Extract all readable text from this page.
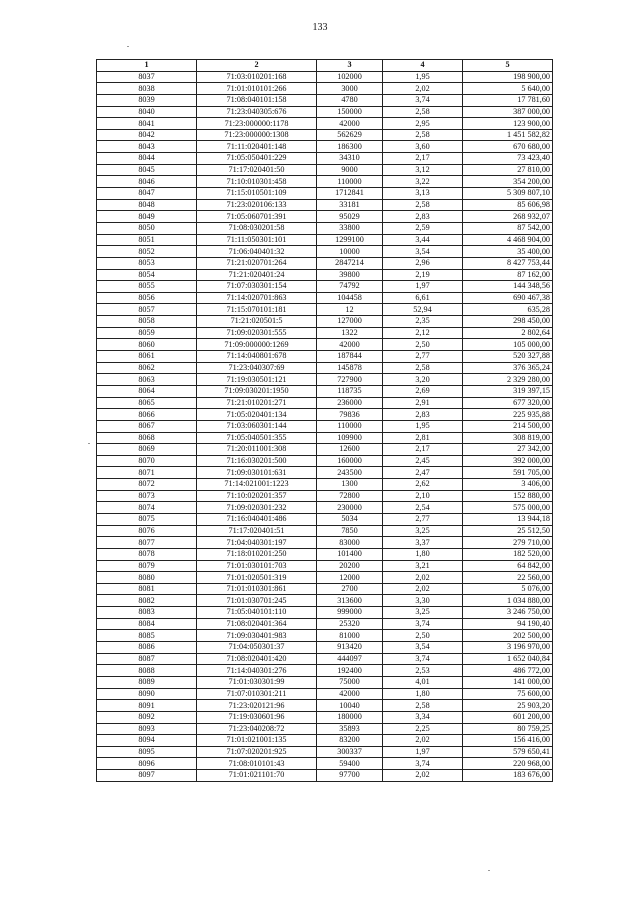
133
1	2	3	4	5
8037	71:03:010201:168	102000	1,95	198 900,00
8038	71:01:010101:266	3000	2,02	5 640,00
8039	71:08:040101:158	4780	3,74	17 781,60
8040	71:23:040305:676	150000	2,58	387 000,00
8041	71:23:000000:1178	42000	2,95	123 900,00
8042	71:23:000000:1308	562629	2,58	1 451 582,82
8043	71:11:020401:148	186300	3,60	670 680,00
8044	71:05:050401:229	34310	2,17	73 423,40
8045	71:17:020401:50	9000	3,12	27 810,00
8046	71:10:010301:458	110000	3,22	354 200,00
8047	71:15:010501:109	1712841	3,13	5 309 807,10
8048	71:23:020106:133	33181	2,58	85 606,98
8049	71:05:060701:391	95029	2,83	268 932,07
8050	71:08:030201:58	33800	2,59	87 542,00
8051	71:11:050301:101	1299100	3,44	4 468 904,00
8052	71:06:040401:32	10000	3,54	35 400,00
8053	71:21:020701:264	2847214	2,96	8 427 753,44
8054	71:21:020401:24	39800	2,19	87 162,00
8055	71:07:030301:154	74792	1,97	144 348,56
8056	71:14:020701:863	104458	6,61	690 467,38
8057	71:15:070101:181	12	52,94	635,28
8058	71:21:020501:5	127000	2,35	298 450,00
8059	71:09:020301:555	1322	2,12	2 802,64
8060	71:09:000000:1269	42000	2,50	105 000,00
8061	71:14:040801:678	187844	2,77	520 327,88
8062	71:23:040307:69	145878	2,58	376 365,24
8063	71:19:030501:121	727900	3,20	2 329 280,00
8064	71:09:030201:1950	118735	2,69	319 397,15
8065	71:21:010201:271	236000	2,91	677 320,00
8066	71:05:020401:134	79836	2,83	225 935,88
8067	71:03:060301:144	110000	1,95	214 500,00
8068	71:05:040501:355	109900	2,81	308 819,00
8069	71:20:011001:308	12600	2,17	27 342,00
8070	71:16:030201:500	160000	2,45	392 000,00
8071	71:09:030101:631	243500	2,47	591 705,00
8072	71:14:021001:1223	1300	2,62	3 406,00
8073	71:10:020201:357	72800	2,10	152 880,00
8074	71:09:020301:232	230000	2,54	575 000,00
8075	71:16:040401:486	5034	2,77	13 944,18
8076	71:17:020401:51	7850	3,25	25 512,50
8077	71:04:040301:197	83000	3,37	279 710,00
8078	71:18:010201:250	101400	1,80	182 520,00
8079	71:01:030101:703	20200	3,21	64 842,00
8080	71:01:020501:319	12000	2,02	22 560,00
8081	71:01:010301:861	2700	2,02	5 076,00
8082	71:01:030701:245	313600	3,30	1 034 880,00
8083	71:05:040101:110	999000	3,25	3 246 750,00
8084	71:08:020401:364	25320	3,74	94 190,40
8085	71:09:030401:983	81000	2,50	202 500,00
8086	71:04:050301:37	913420	3,54	3 196 970,00
8087	71:08:020401:420	444097	3,74	1 652 040,84
8088	71:14:040301:276	192400	2,53	486 772,00
8089	71:01:030301:99	75000	4,01	141 000,00
8090	71:07:010301:211	42000	1,80	75 600,00
8091	71:23:020121:96	10040	2,58	25 903,20
8092	71:19:030601:96	180000	3,34	601 200,00
8093	71:23:040208:72	35893	2,25	80 759,25
8094	71:01:021001:135	83200	2,02	156 416,00
8095	71:07:020201:925	300337	1,97	579 650,41
8096	71:08:010101:43	59400	3,74	220 968,00
8097	71:01:021101:70	97700	2,02	183 676,00
